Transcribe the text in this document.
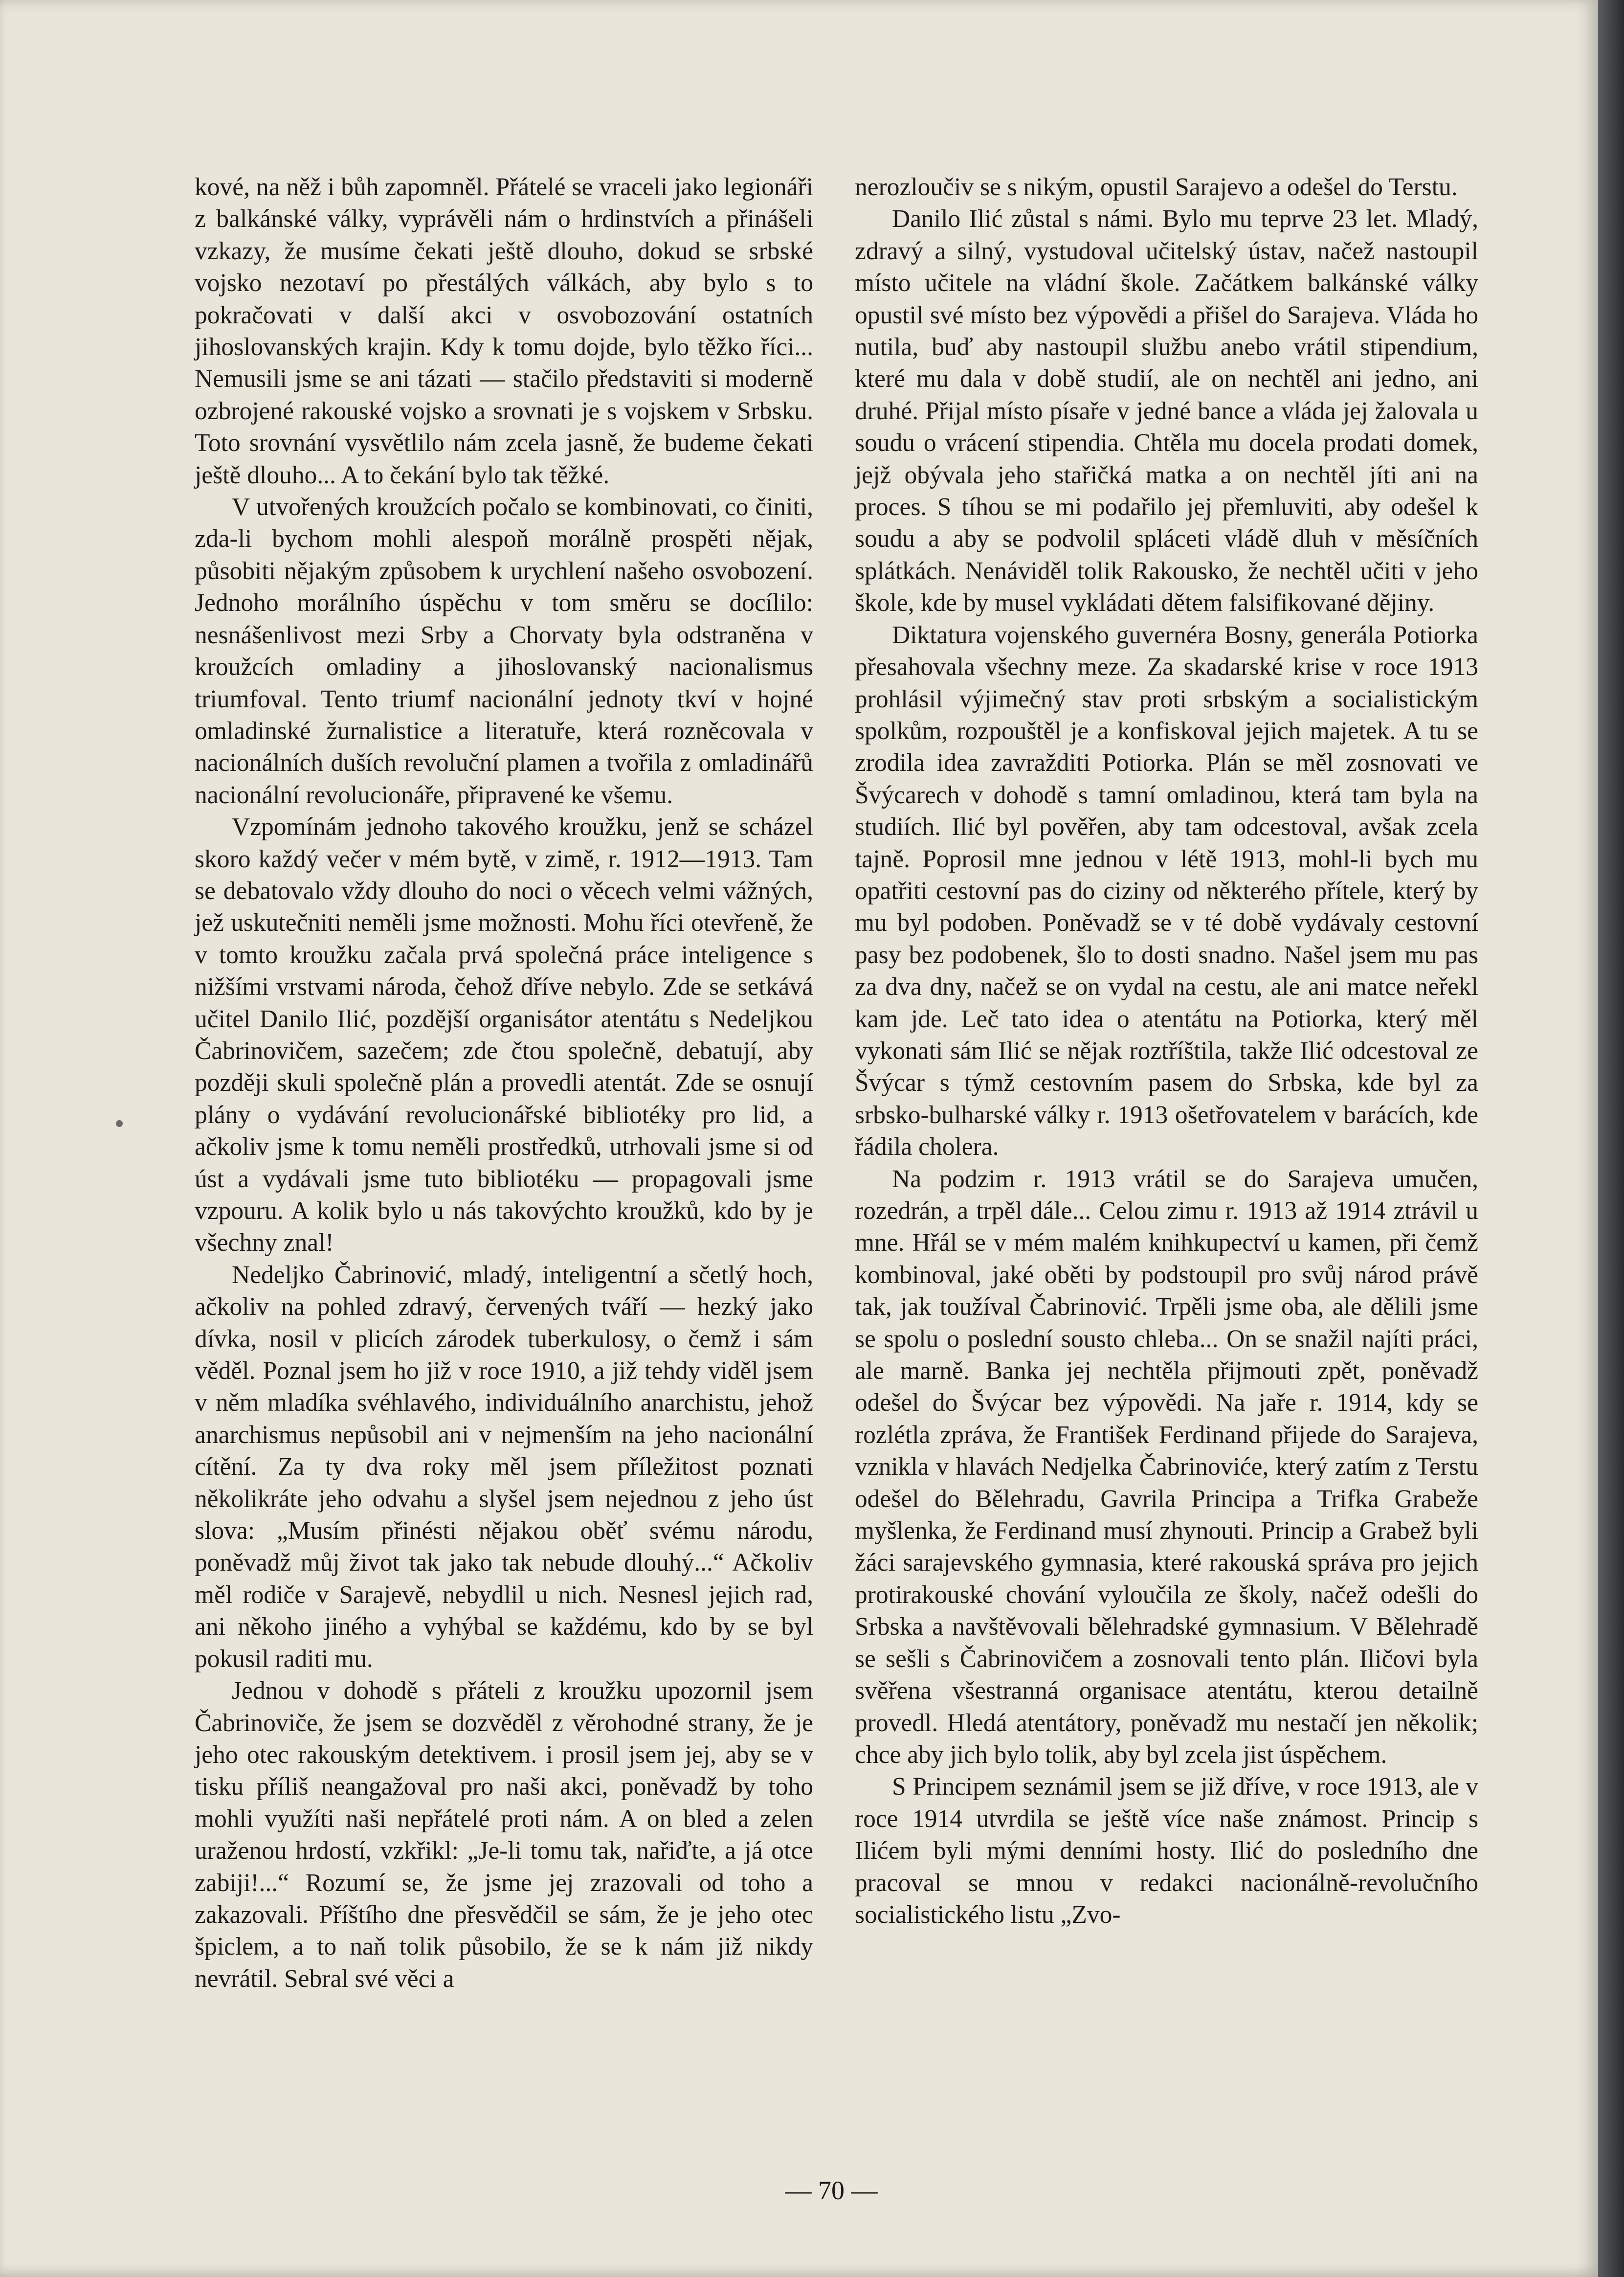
kové, na něž i bůh zapomněl. Přátelé se vraceli jako legionáři z balkánské války, vyprávěli nám o hrdinstvích a přinášeli vzkazy, že musíme čekati ještě dlouho, dokud se srbské vojsko nezotaví po přestálých válkách, aby bylo s to pokračovati v další akci v osvobozování ostatních jihoslovanských krajin. Kdy k tomu dojde, bylo těžko říci... Nemusili jsme se ani tázati — stačilo představiti si moderně ozbrojené rakouské vojsko a srovnati je s vojskem v Srbsku. Toto srovnání vysvětlilo nám zcela jasně, že budeme čekati ještě dlouho... A to čekání bylo tak těžké.

V utvořených kroužcích počalo se kombinovati, co činiti, zda-li bychom mohli alespoň morálně prospěti nějak, působiti nějakým způsobem k urychlení našeho osvobození. Jednoho morálního úspěchu v tom směru se docílilo: nesnášenlivost mezi Srby a Chorvaty byla odstraněna v kroužcích omladiny a jihoslovanský nacionalismus triumfoval. Tento triumf nacionální jednoty tkví v hojné omladinské žurnalistice a literatuře, která rozněcovala v nacionálních duších revoluční plamen a tvořila z omladinářů nacionální revolucionáře, připravené ke všemu.

Vzpomínám jednoho takového kroužku, jenž se scházel skoro každý večer v mém bytě, v zimě, r. 1912—1913. Tam se debatovalo vždy dlouho do noci o věcech velmi vážných, jež uskutečniti neměli jsme možnosti. Mohu říci otevřeně, že v tomto kroužku začala prvá společná práce inteligence s nižšími vrstvami národa, čehož dříve nebylo. Zde se setkává učitel Danilo Ilić, pozdější organisátor atentátu s Nedeljkou Čabrinovičem, sazečem; zde čtou společně, debatují, aby později skuli společně plán a provedli atentát. Zde se osnují plány o vydávání revolucionářské bibliotéky pro lid, a ačkoliv jsme k tomu neměli prostředků, utrhovali jsme si od úst a vydávali jsme tuto bibliotéku — propagovali jsme vzpouru. A kolik bylo u nás takovýchto kroužků, kdo by je všechny znal!

Nedeljko Čabrinović, mladý, inteligentní a sčetlý hoch, ačkoliv na pohled zdravý, červených tváří — hezký jako dívka, nosil v plicích zárodek tuberkulosy, o čemž i sám věděl. Poznal jsem ho již v roce 1910, a již tehdy viděl jsem v něm mladíka svéhlavého, individuálního anarchistu, jehož anarchismus nepůsobil ani v nejmenším na jeho nacionální cítění. Za ty dva roky měl jsem příležitost poznati několikráte jeho odvahu a slyšel jsem nejednou z jeho úst slova: „Musím přinésti nějakou oběť svému národu, poněvadž můj život tak jako tak nebude dlouhý...“ Ačkoliv měl rodiče v Sarajevě, nebydlil u nich. Nesnesl jejich rad, ani někoho jiného a vyhýbal se každému, kdo by se byl pokusil raditi mu.

Jednou v dohodě s přáteli z kroužku upozornil jsem Čabrinoviče, že jsem se dozvěděl z věrohodné strany, že je jeho otec rakouským detektivem. i prosil jsem jej, aby se v tisku příliš neangažoval pro naši akci, poněvadž by toho mohli využíti naši nepřátelé proti nám. A on bled a zelen uraženou hrdostí, vzkřikl: „Je-li tomu tak, nařiďte, a já otce zabiji!...“ Rozumí se, že jsme jej zrazovali od toho a zakazovali. Příštího dne přesvědčil se sám, že je jeho otec špiclem, a to naň tolik působilo, že se k nám již nikdy nevrátil. Sebral své věci a

nerozloučiv se s nikým, opustil Sarajevo a odešel do Terstu.

Danilo Ilić zůstal s námi. Bylo mu teprve 23 let. Mladý, zdravý a silný, vystudoval učitelský ústav, načež nastoupil místo učitele na vládní škole. Začátkem balkánské války opustil své místo bez výpovědi a přišel do Sarajeva. Vláda ho nutila, buď aby nastoupil službu anebo vrátil stipendium, které mu dala v době studií, ale on nechtěl ani jedno, ani druhé. Přijal místo písaře v jedné bance a vláda jej žalovala u soudu o vrácení stipendia. Chtěla mu docela prodati domek, jejž obývala jeho stařičká matka a on nechtěl jíti ani na proces. S tíhou se mi podařilo jej přemluviti, aby odešel k soudu a aby se podvolil spláceti vládě dluh v měsíčních splátkách. Nenáviděl tolik Rakousko, že nechtěl učiti v jeho škole, kde by musel vykládati dětem falsifikované dějiny.

Diktatura vojenského guvernéra Bosny, generála Potiorka přesahovala všechny meze. Za skadarské krise v roce 1913 prohlásil výjimečný stav proti srbským a socialistickým spolkům, rozpouštěl je a konfiskoval jejich majetek. A tu se zrodila idea zavražditi Potiorka. Plán se měl zosnovati ve Švýcarech v dohodě s tamní omladinou, která tam byla na studiích. Ilić byl pověřen, aby tam odcestoval, avšak zcela tajně. Poprosil mne jednou v létě 1913, mohl-li bych mu opatřiti cestovní pas do ciziny od některého přítele, který by mu byl podoben. Poněvadž se v té době vydávaly cestovní pasy bez podobenek, šlo to dosti snadno. Našel jsem mu pas za dva dny, načež se on vydal na cestu, ale ani matce neřekl kam jde. Leč tato idea o atentátu na Potiorka, který měl vykonati sám Ilić se nějak roztříštila, takže Ilić odcestoval ze Švýcar s týmž cestovním pasem do Srbska, kde byl za srbsko-bulharské války r. 1913 ošetřovatelem v barácích, kde řádila cholera.

Na podzim r. 1913 vrátil se do Sarajeva umučen, rozedrán, a trpěl dále... Celou zimu r. 1913 až 1914 ztrávil u mne. Hřál se v mém malém knihkupectví u kamen, při čemž kombinoval, jaké oběti by podstoupil pro svůj národ právě tak, jak toužíval Čabrinović. Trpěli jsme oba, ale dělili jsme se spolu o poslední sousto chleba... On se snažil najíti práci, ale marně. Banka jej nechtěla přijmouti zpět, poněvadž odešel do Švýcar bez výpovědi. Na jaře r. 1914, kdy se rozlétla zpráva, že František Ferdinand přijede do Sarajeva, vznikla v hlavách Nedjelka Čabrinoviće, který zatím z Terstu odešel do Bělehradu, Gavrila Principa a Trifka Grabeže myšlenka, že Ferdinand musí zhynouti. Princip a Grabež byli žáci sarajevského gymnasia, které rakouská správa pro jejich protirakouské chování vyloučila ze školy, načež odešli do Srbska a navštěvovali bělehradské gymnasium. V Bělehradě se sešli s Čabrinovičem a zosnovali tento plán. Iličovi byla svěřena všestranná organisace atentátu, kterou detailně provedl. Hledá atentátory, poněvadž mu nestačí jen několik; chce aby jich bylo tolik, aby byl zcela jist úspěchem.

S Principem seznámil jsem se již dříve, v roce 1913, ale v roce 1914 utvrdila se ještě více naše známost. Princip s Ilićem byli mými denními hosty. Ilić do posledního dne pracoval se mnou v redakci nacionálně-revolučního socialistického listu „Zvo-

— 70 —
